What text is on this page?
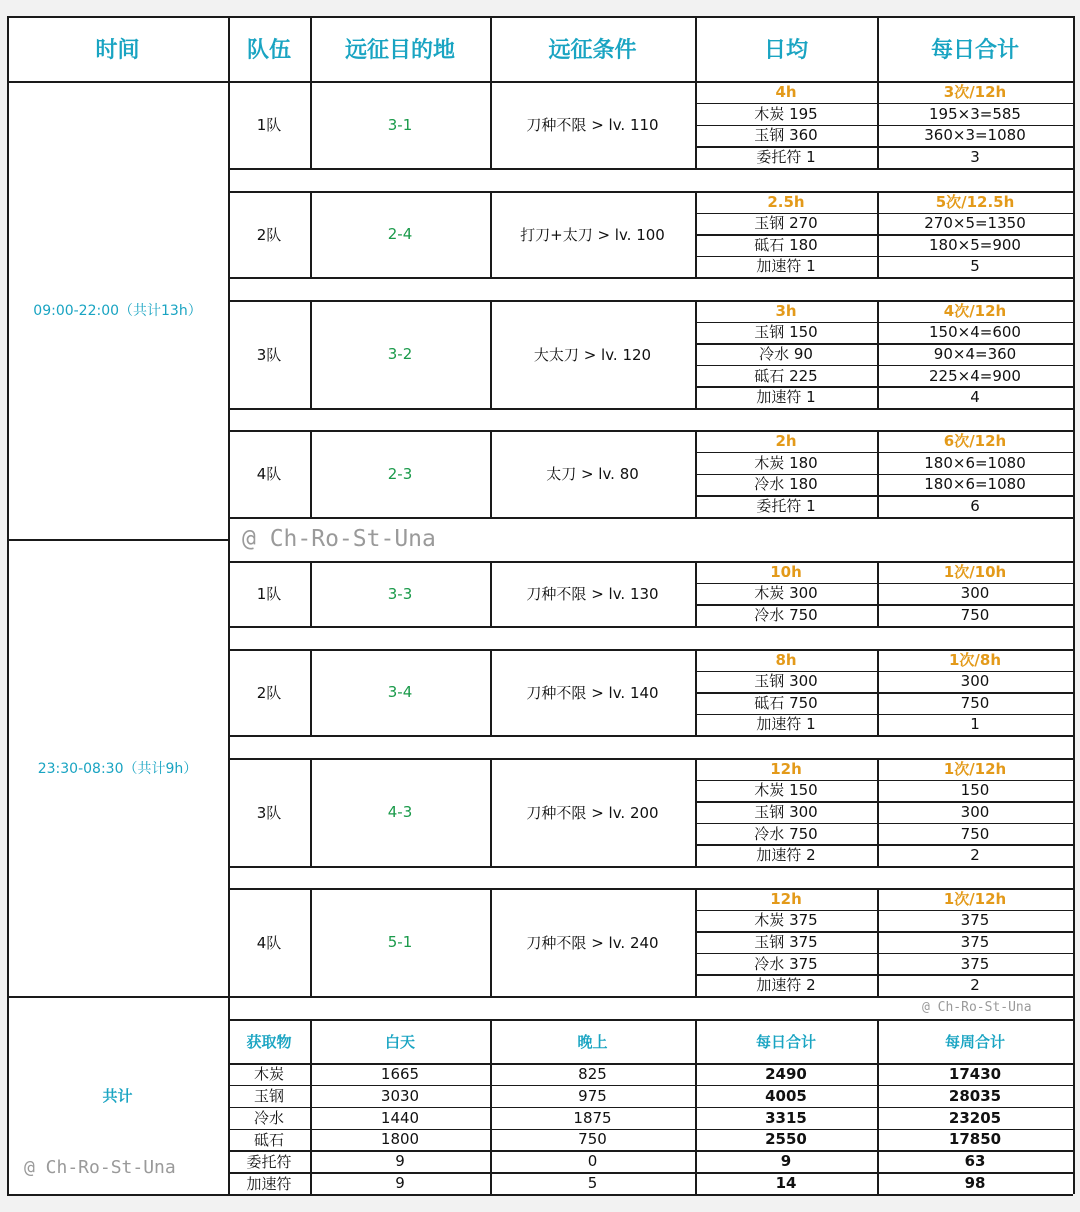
时间	队伍	远征目的地	远征条件	日均	每日合计
09:00-22:00（共计13h）
1队	3-1	刀种不限 > lv. 110
4h	3次/12h
木炭 195	195×3=585
玉钢 360	360×3=1080
委托符 1	3
2队	2-4	打刀+太刀 > lv. 100
2.5h	5次/12.5h
玉钢 270	270×5=1350
砥石 180	180×5=900
加速符 1	5
3队	3-2	大太刀 > lv. 120
3h	4次/12h
玉钢 150	150×4=600
冷水 90	90×4=360
砥石 225	225×4=900
加速符 1	4
4队	2-3	太刀 > lv. 80
2h	6次/12h
木炭 180	180×6=1080
冷水 180	180×6=1080
委托符 1	6
23:30-08:30（共计9h）
1队	3-3	刀种不限 > lv. 130
10h	1次/10h
木炭 300	300
冷水 750	750
2队	3-4	刀种不限 > lv. 140
8h	1次/8h
玉钢 300	300
砥石 750	750
加速符 1	1
3队	4-3	刀种不限 > lv. 200
12h	1次/12h
木炭 150	150
玉钢 300	300
冷水 750	750
加速符 2	2
4队	5-1	刀种不限 > lv. 240
12h	1次/12h
木炭 375	375
玉钢 375	375
冷水 375	375
加速符 2	2
共计
获取物	白天	晚上	每日合计	每周合计
木炭	1665	825	2490	17430
玉钢	3030	975	4005	28035
冷水	1440	1875	3315	23205
砥石	1800	750	2550	17850
委托符	9	0	9	63
加速符	9	5	14	98
@ Ch-Ro-St-Una
@ Ch-Ro-St-Una
@ Ch-Ro-St-Una
